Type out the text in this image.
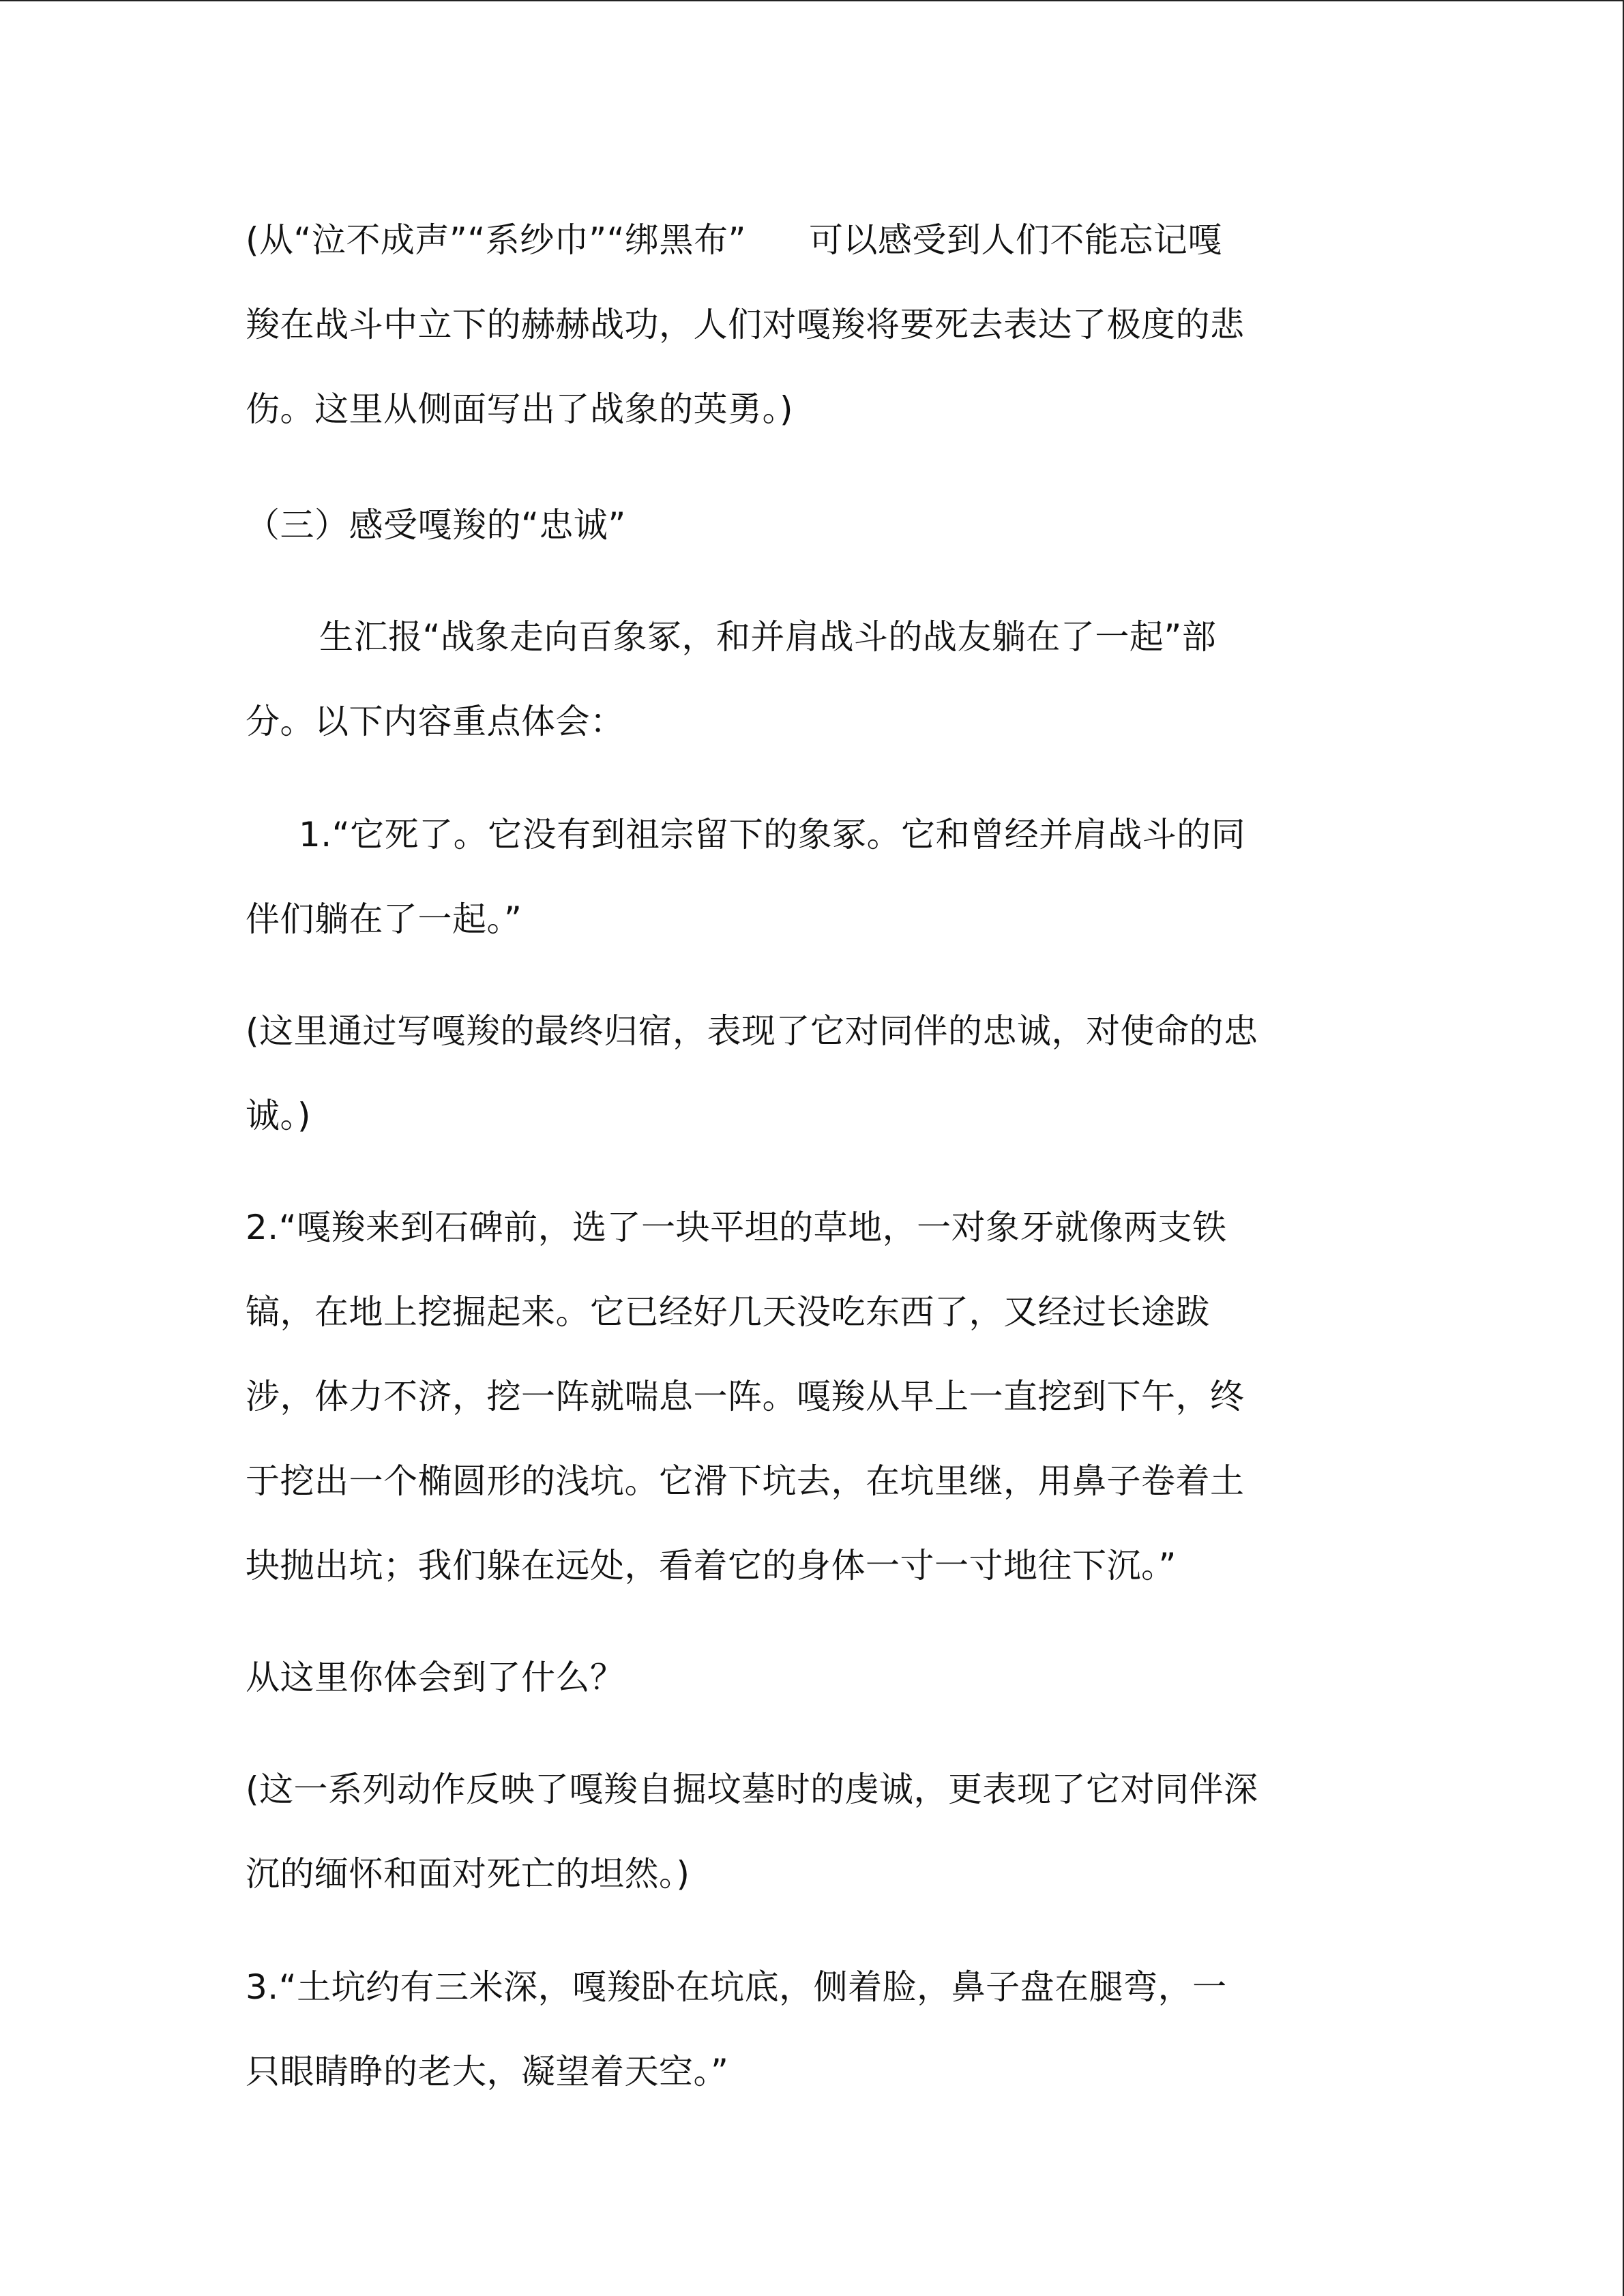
(从“泣不成声”“系纱巾”“绑黑布” 可以感受到人们不能忘记嘎

羧在战斗中立下的赫赫战功，人们对嘎羧将要死去表达了极度的悲

伤。这里从侧面写出了战象的英勇。)

（三）感受嘎羧的“忠诚”

生汇报“战象走向百象冢，和并肩战斗的战友躺在了一起”部

分。以下内容重点体会：

1.“它死了。它没有到祖宗留下的象冢。它和曾经并肩战斗的同

伴们躺在了一起。”

(这里通过写嘎羧的最终归宿，表现了它对同伴的忠诚，对使命的忠

诚。)

2.“嘎羧来到石碑前，选了一块平坦的草地，一对象牙就像两支铁

镐，在地上挖掘起来。它已经好几天没吃东西了，又经过长途跋

涉，体力不济，挖一阵就喘息一阵。嘎羧从早上一直挖到下午，终

于挖出一个椭圆形的浅坑。它滑下坑去，在坑里继，用鼻子卷着土

块抛出坑；我们躲在远处，看着它的身体一寸一寸地往下沉。”

从这里你体会到了什么？

(这一系列动作反映了嘎羧自掘坟墓时的虔诚，更表现了它对同伴深

沉的缅怀和面对死亡的坦然。)

3.“土坑约有三米深，嘎羧卧在坑底，侧着脸，鼻子盘在腿弯，一

只眼睛睁的老大，凝望着天空。”
